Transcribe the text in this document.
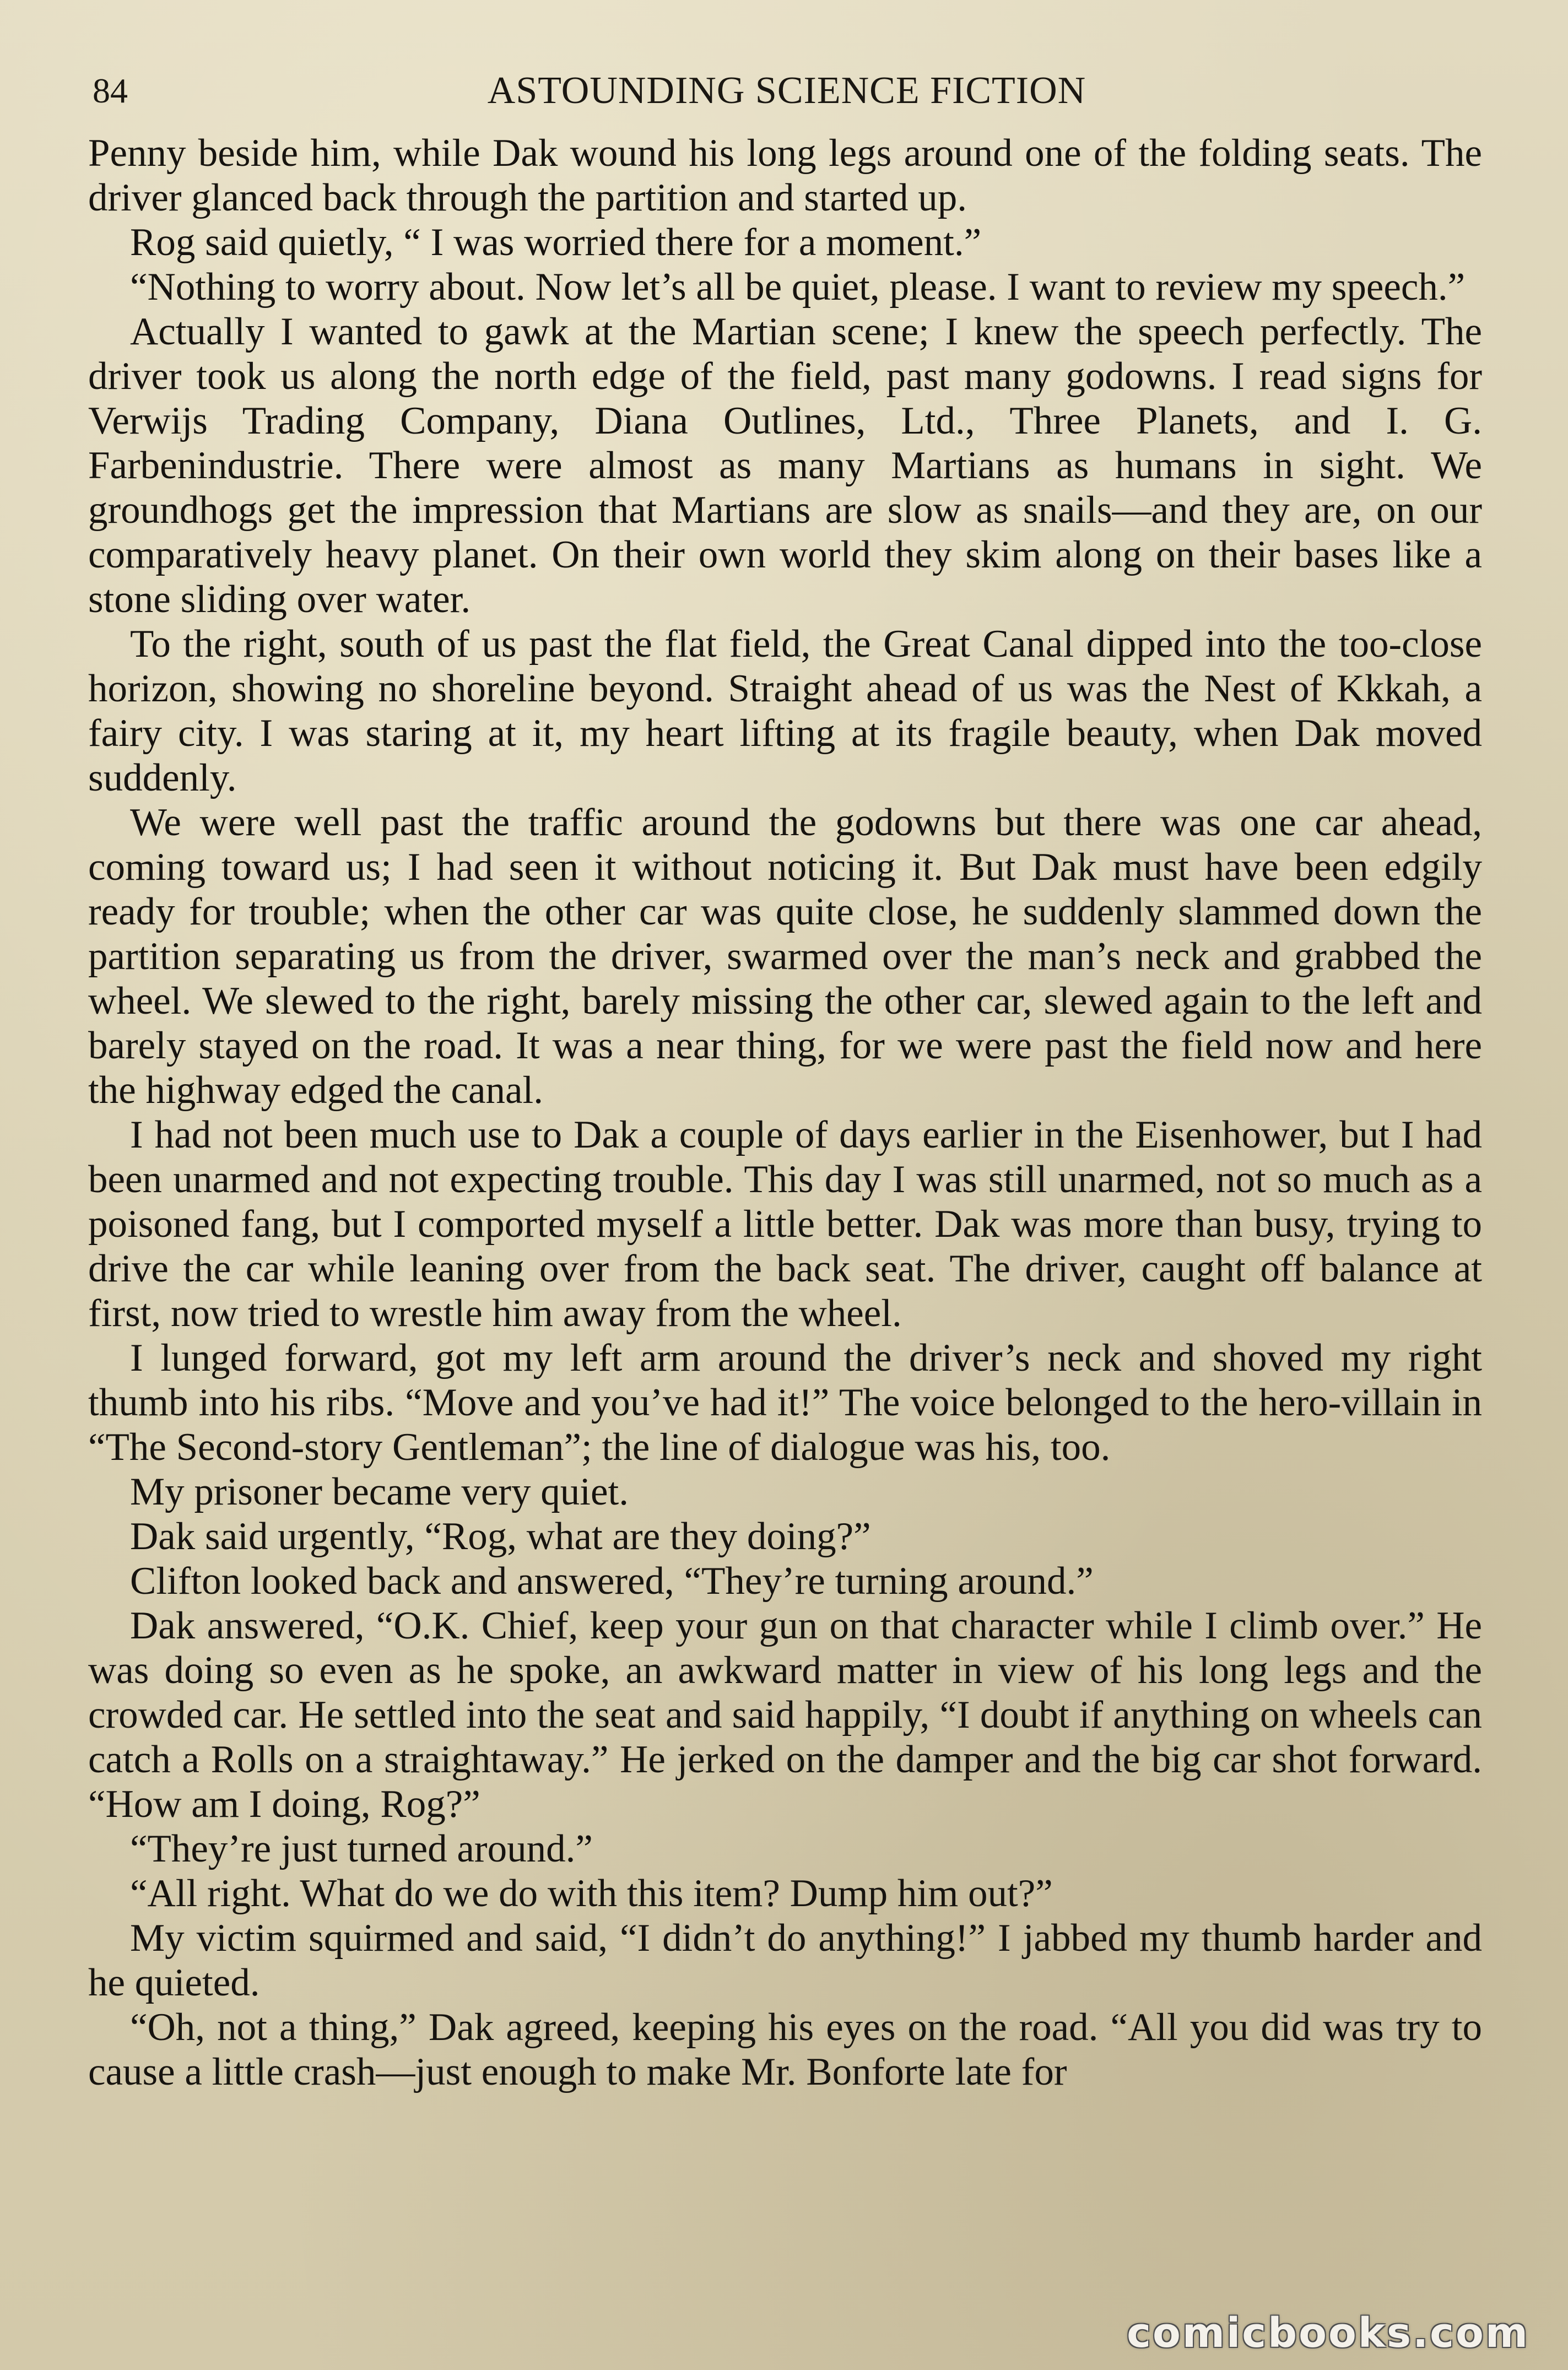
84	ASTOUNDING SCIENCE FICTION

Penny beside him, while Dak wound his long legs around one of the folding seats. The driver glanced back through the partition and started up.

Rog said quietly, “ I was worried there for a moment.”

“Nothing to worry about. Now let’s all be quiet, please. I want to review my speech.”

Actually I wanted to gawk at the Martian scene; I knew the speech perfectly. The driver took us along the north edge of the field, past many godowns. I read signs for Verwijs Trading Company, Diana Outlines, Ltd., Three Planets, and I. G. Farbenindustrie. There were almost as many Martians as humans in sight. We groundhogs get the impression that Martians are slow as snails—and they are, on our comparatively heavy planet. On their own world they skim along on their bases like a stone sliding over water.

To the right, south of us past the flat field, the Great Canal dipped into the too-close horizon, showing no shoreline beyond. Straight ahead of us was the Nest of Kkkah, a fairy city. I was staring at it, my heart lifting at its fragile beauty, when Dak moved suddenly.

We were well past the traffic around the godowns but there was one car ahead, coming toward us; I had seen it without noticing it. But Dak must have been edgily ready for trouble; when the other car was quite close, he suddenly slammed down the partition separating us from the driver, swarmed over the man’s neck and grabbed the wheel. We slewed to the right, barely missing the other car, slewed again to the left and barely stayed on the road. It was a near thing, for we were past the field now and here the highway edged the canal.

I had not been much use to Dak a couple of days earlier in the Eisenhower, but I had been unarmed and not expecting trouble. This day I was still unarmed, not so much as a poisoned fang, but I comported myself a little better. Dak was more than busy, trying to drive the car while leaning over from the back seat. The driver, caught off balance at first, now tried to wrestle him away from the wheel.

I lunged forward, got my left arm around the driver’s neck and shoved my right thumb into his ribs. “Move and you’ve had it!” The voice belonged to the hero-villain in “The Second-story Gentleman”; the line of dialogue was his, too.

My prisoner became very quiet.

Dak said urgently, “Rog, what are they doing?”

Clifton looked back and answered, “They’re turning around.”

Dak answered, “O.K. Chief, keep your gun on that character while I climb over.” He was doing so even as he spoke, an awkward matter in view of his long legs and the crowded car. He settled into the seat and said happily, “I doubt if anything on wheels can catch a Rolls on a straightaway.” He jerked on the damper and the big car shot forward. “How am I doing, Rog?”

“They’re just turned around.”

“All right. What do we do with this item? Dump him out?”

My victim squirmed and said, “I didn’t do anything!” I jabbed my thumb harder and he quieted.

“Oh, not a thing,” Dak agreed, keeping his eyes on the road. “All you did was try to cause a little crash—just enough to make Mr. Bonforte late for

comicbooks.com
